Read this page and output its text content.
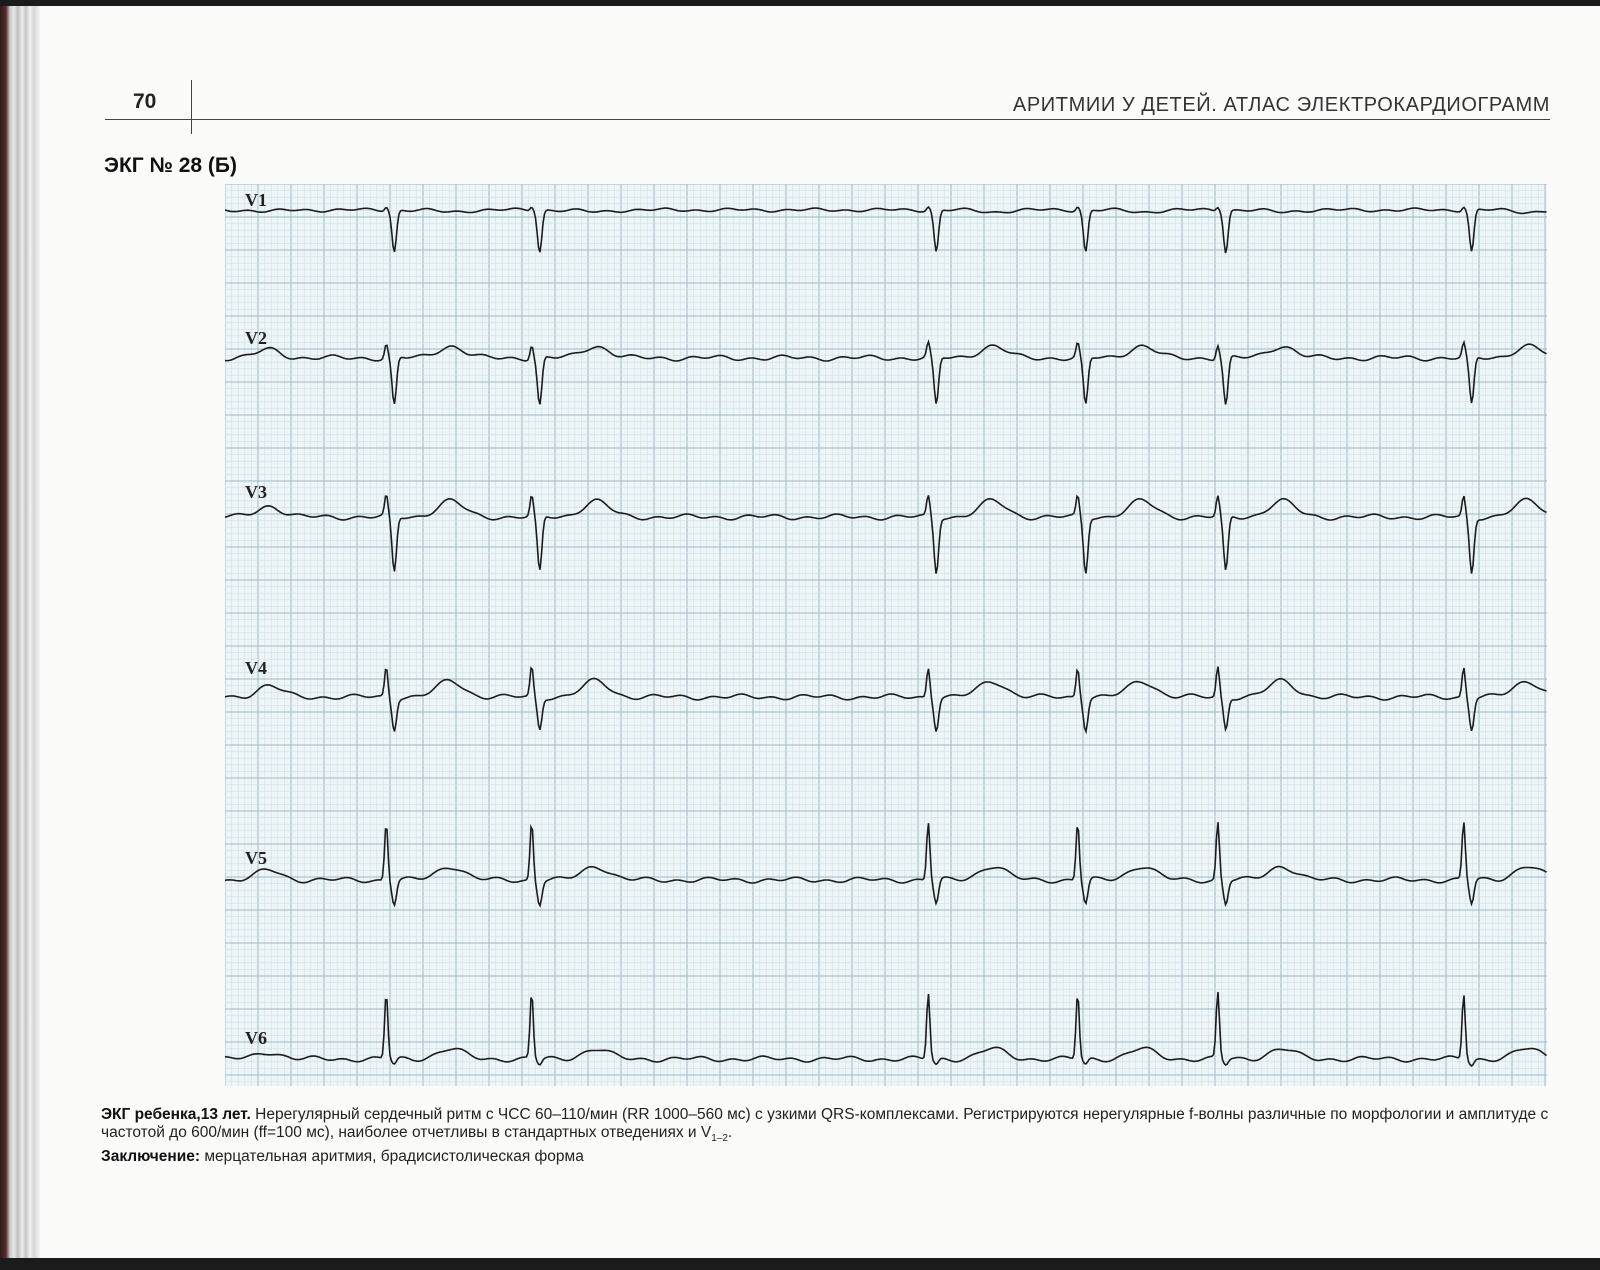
70	АРИТМИИ У ДЕТЕЙ. АТЛАС ЭЛЕКТРОКАРДИОГРАММ
ЭКГ № 28 (Б)
V1
V2
V3
V4
V5
V6

ЭКГ ребенка,13 лет. Нерегулярный сердечный ритм с ЧСС 60–110/мин (RR 1000–560 мс) с узкими QRS-комплексами. Регистрируются нерегулярные f-волны различные по морфологии и амплитуде с частотой до 600/мин (ff=100 мс), наиболее отчетливы в стандартных отведениях и $V_{1-2}$.

Заключение: мерцательная аритмия, брадисистолическая форма
